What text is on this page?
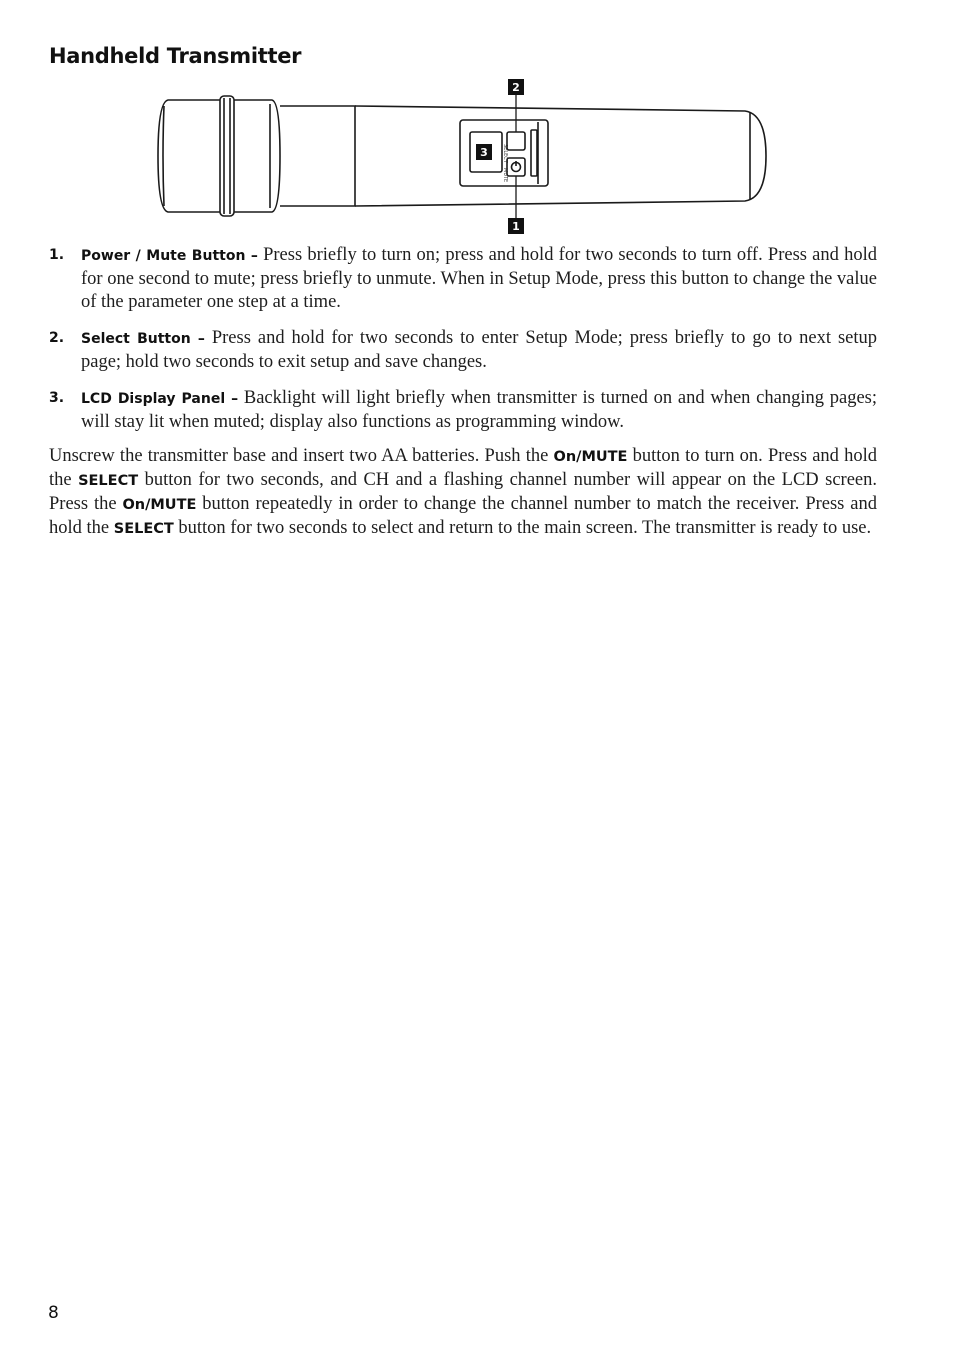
Handheld Transmitter
SELECT
MUTE
2
3
1
1. Power / Mute Button – Press briefly to turn on; press and hold for two seconds to turn off. Press and hold for one second to mute; press briefly to unmute. When in Setup Mode, press this button to change the value of the parameter one step at a time.

2. Select Button – Press and hold for two seconds to enter Setup Mode; press briefly to go to next setup page; hold two seconds to exit setup and save changes.

3. LCD Display Panel – Backlight will light briefly when transmitter is turned on and when changing pages; will stay lit when muted; display also functions as programming window.

Unscrew the transmitter base and insert two AA batteries. Push the On/MUTE button to turn on. Press and hold the SELECT button for two seconds, and CH and a flashing channel number will appear on the LCD screen. Press the On/MUTE button repeatedly in order to change the channel number to match the receiver. Press and hold the SELECT button for two seconds to select and return to the main screen. The transmitter is ready to use.

8
